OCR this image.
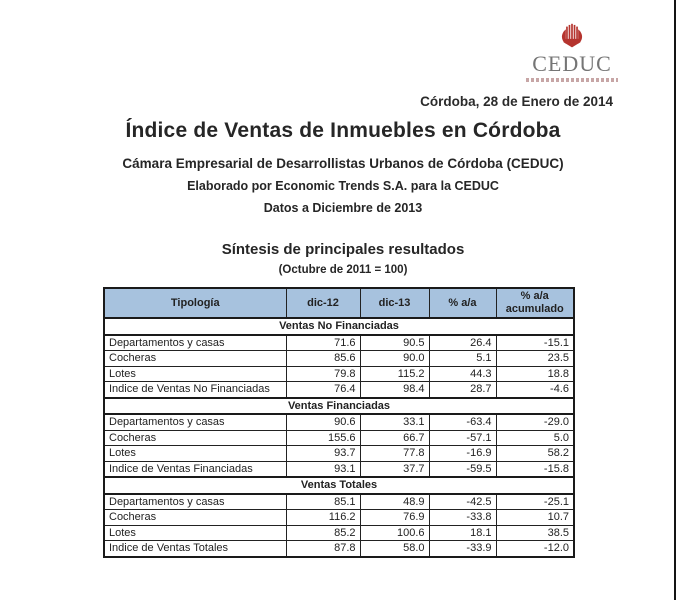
CEDUC
Córdoba, 28 de Enero de 2014
Índice de Ventas de Inmuebles en Córdoba
Cámara Empresarial de Desarrollistas Urbanos de Córdoba (CEDUC)
Elaborado por Economic Trends S.A. para la CEDUC
Datos a Diciembre de 2013
Síntesis de principales resultados
(Octubre de 2011 = 100)
Tipología	dic-12	dic-13	% a/a	% a/a acumulado
Ventas No Financiadas				
Departamentos y casas	71.6	90.5	26.4	-15.1
Cocheras	85.6	90.0	5.1	23.5
Lotes	79.8	115.2	44.3	18.8
Indice de Ventas No Financiadas	76.4	98.4	28.7	-4.6
Ventas Financiadas				
Departamentos y casas	90.6	33.1	-63.4	-29.0
Cocheras	155.6	66.7	-57.1	5.0
Lotes	93.7	77.8	-16.9	58.2
Indice de Ventas Financiadas	93.1	37.7	-59.5	-15.8
Ventas Totales				
Departamentos y casas	85.1	48.9	-42.5	-25.1
Cocheras	116.2	76.9	-33.8	10.7
Lotes	85.2	100.6	18.1	38.5
Indice de Ventas Totales	87.8	58.0	-33.9	-12.0
